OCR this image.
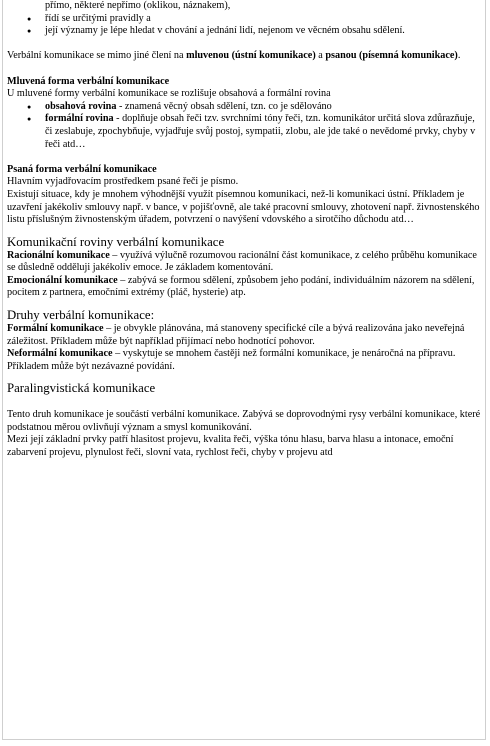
přímo, některé nepřímo (oklikou, náznakem),

● řídí se určitými pravidly a
● její významy je lépe hledat v chování a jednání lidí, nejenom ve věcném obsahu sdělení.

Verbální komunikace se mimo jiné člení na mluvenou (ústní komunikace) a psanou (písemná komunikace).

Mluvená forma verbální komunikace

U mluvené formy verbální komunikace se rozlišuje obsahová a formální rovina

● obsahová rovina - znamená věcný obsah sdělení, tzn. co je sdělováno
● formální rovina - doplňuje obsah řeči tzv. svrchními tóny řeči, tzn. komunikátor určitá slova zdůrazňuje, či zeslabuje, zpochybňuje, vyjadřuje svůj postoj, sympatii, zlobu, ale jde také o nevědomé prvky, chyby v řeči atd…

Psaná forma verbální komunikace

Hlavním vyjadřovacím prostředkem psané řeči je písmo.

Existují situace, kdy je mnohem výhodnější využít písemnou komunikaci, než-li komunikaci ústní. Příkladem je uzavření jakékoliv smlouvy např. v bance, v pojišťovně, ale také pracovní smlouvy, zhotovení např. živnostenského listu příslušným živnostenským úřadem, potvrzení o navýšení vdovského a sirotčího důchodu atd…

Komunikační roviny verbální komunikace

Racionální komunikace – využívá výlučně rozumovou racionální část komunikace, z celého průběhu komunikace se důsledně odděluji jakékoliv emoce. Je základem komentování.

Emocionální komunikace – zabývá se formou sdělení, způsobem jeho podání, individuálním názorem na sdělení, pocitem z partnera, emočními extrémy (pláč, hysterie) atp.

Druhy verbální komunikace:

Formální komunikace – je obvykle plánována, má stanoveny specifické cíle a bývá realizována jako neveřejná záležitost. Příkladem může být například přijímací nebo hodnotící pohovor.

Neformální komunikace – vyskytuje se mnohem častěji než formální komunikace, je nenáročná na přípravu. Příkladem může být nezávazné povídání.

Paralingvistická komunikace

Tento druh komunikace je součástí verbální komunikace. Zabývá se doprovodnými rysy verbální komunikace, které podstatnou měrou ovlivňují význam a smysl komunikování.

Mezi její základní prvky patří hlasitost projevu, kvalita řeči, výška tónu hlasu, barva hlasu a intonace, emoční zabarvení projevu, plynulost řeči, slovní vata, rychlost řeči, chyby v projevu atd
